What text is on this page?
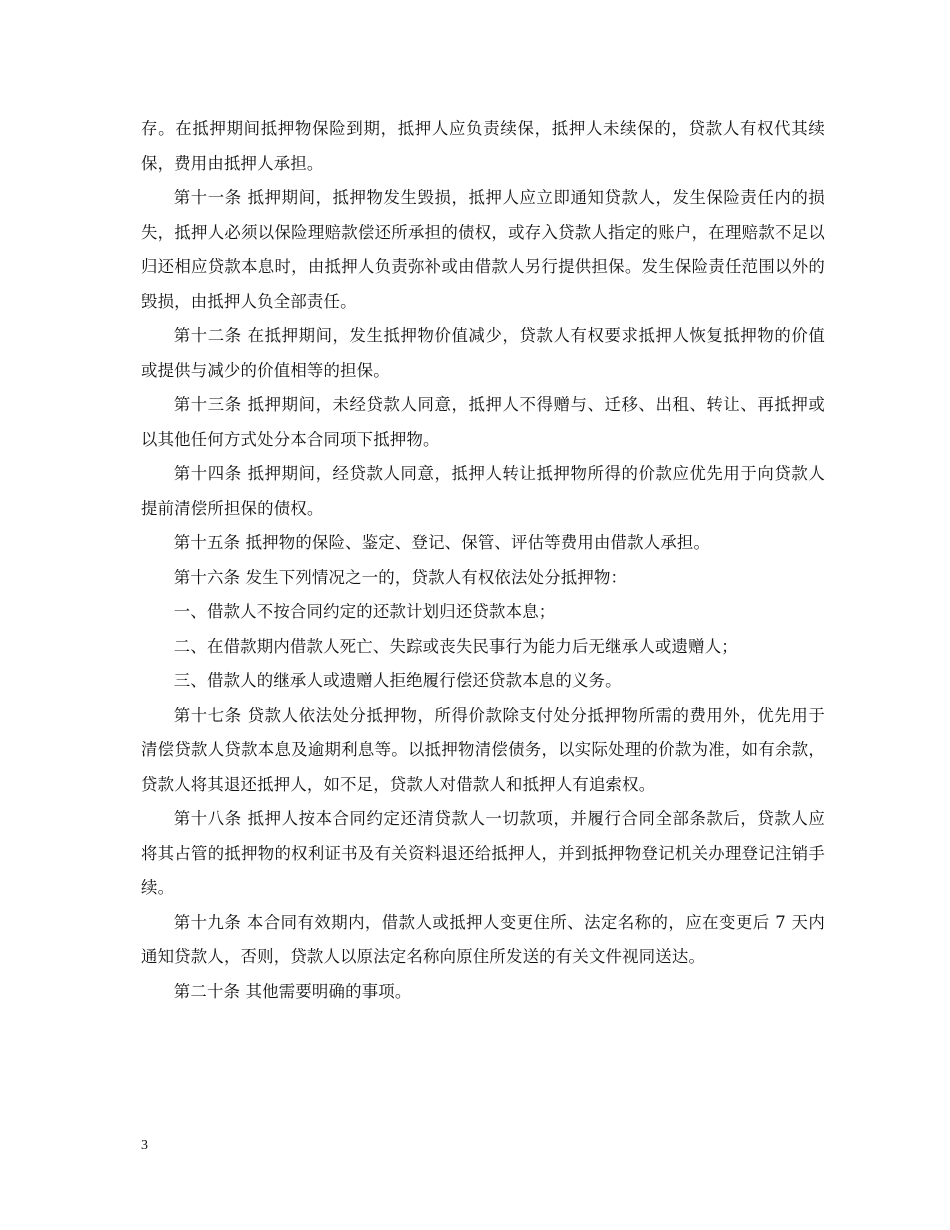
存。在抵押期间抵押物保险到期，抵押人应负责续保，抵押人未续保的，贷款人有权代其续保，费用由抵押人承担。

第十一条 抵押期间，抵押物发生毁损，抵押人应立即通知贷款人，发生保险责任内的损失，抵押人必须以保险理赔款偿还所承担的债权，或存入贷款人指定的账户，在理赔款不足以归还相应贷款本息时，由抵押人负责弥补或由借款人另行提供担保。发生保险责任范围以外的毁损，由抵押人负全部责任。

第十二条 在抵押期间，发生抵押物价值减少，贷款人有权要求抵押人恢复抵押物的价值或提供与减少的价值相等的担保。

第十三条 抵押期间，未经贷款人同意，抵押人不得赠与、迁移、出租、转让、再抵押或以其他任何方式处分本合同项下抵押物。

第十四条 抵押期间，经贷款人同意，抵押人转让抵押物所得的价款应优先用于向贷款人提前清偿所担保的债权。

第十五条 抵押物的保险、鉴定、登记、保管、评估等费用由借款人承担。

第十六条 发生下列情况之一的，贷款人有权依法处分抵押物：

一、借款人不按合同约定的还款计划归还贷款本息；

二、在借款期内借款人死亡、失踪或丧失民事行为能力后无继承人或遗赠人；

三、借款人的继承人或遗赠人拒绝履行偿还贷款本息的义务。

第十七条 贷款人依法处分抵押物，所得价款除支付处分抵押物所需的费用外，优先用于清偿贷款人贷款本息及逾期利息等。以抵押物清偿债务，以实际处理的价款为准，如有余款，贷款人将其退还抵押人，如不足，贷款人对借款人和抵押人有追索权。

第十八条 抵押人按本合同约定还清贷款人一切款项，并履行合同全部条款后，贷款人应将其占管的抵押物的权利证书及有关资料退还给抵押人，并到抵押物登记机关办理登记注销手续。

第十九条 本合同有效期内，借款人或抵押人变更住所、法定名称的，应在变更后 7 天内通知贷款人，否则，贷款人以原法定名称向原住所发送的有关文件视同送达。

第二十条 其他需要明确的事项。

3
